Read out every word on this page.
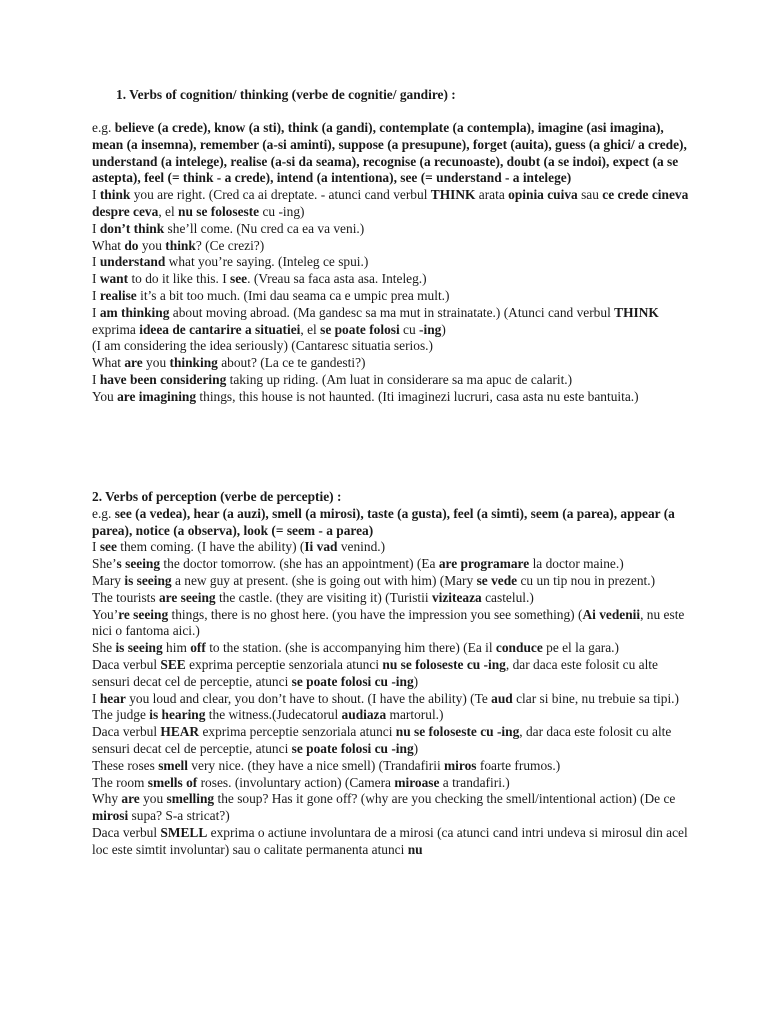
1. Verbs of cognition/ thinking (verbe de cognitie/ gandire) :
e.g. believe (a crede), know (a sti), think (a gandi), contemplate (a contempla), imagine (asi imagina), mean (a insemna), remember (a-si aminti), suppose (a presupune), forget (auita), guess (a ghici/ a crede), understand (a intelege), realise (a-si da seama), recognise (a recunoaste), doubt (a se indoi), expect (a se astepta), feel (= think - a crede), intend (a intentiona), see (= understand - a intelege)
I think you are right. (Cred ca ai dreptate. - atunci cand verbul THINK arata opinia cuiva sau ce crede cineva despre ceva, el nu se foloseste cu -ing)
I don’t think she’ll come. (Nu cred ca ea va veni.)
What do you think? (Ce crezi?)
I understand what you’re saying. (Inteleg ce spui.)
I want to do it like this. I see. (Vreau sa faca asta asa. Inteleg.)
I realise it’s a bit too much. (Imi dau seama ca e umpic prea mult.)
I am thinking about moving abroad. (Ma gandesc sa ma mut in strainatate.) (Atunci cand verbul THINK exprima ideea de cantarire a situatiei, el se poate folosi cu -ing)
(I am considering the idea seriously) (Cantaresc situatia serios.)
What are you thinking about? (La ce te gandesti?)
I have been considering taking up riding. (Am luat in considerare sa ma apuc de calarit.)
You are imagining things, this house is not haunted. (Iti imaginezi lucruri, casa asta nu este bantuita.)
2. Verbs of perception (verbe de perceptie) :
e.g. see (a vedea), hear (a auzi), smell (a mirosi), taste (a gusta), feel (a simti), seem (a parea), appear (a parea), notice (a observa), look (= seem - a parea)
I see them coming. (I have the ability) (Ii vad venind.)
She’s seeing the doctor tomorrow. (she has an appointment) (Ea are programare la doctor maine.)
Mary is seeing a new guy at present. (she is going out with him) (Mary se vede cu un tip nou in prezent.)
The tourists are seeing the castle. (they are visiting it) (Turistii viziteaza castelul.)
You’re seeing things, there is no ghost here. (you have the impression you see something) (Ai vedenii, nu este nici o fantoma aici.)
She is seeing him off to the station. (she is accompanying him there) (Ea il conduce pe el la gara.)
Daca verbul SEE exprima perceptie senzoriala atunci nu se foloseste cu -ing, dar daca este folosit cu alte sensuri decat cel de perceptie, atunci se poate folosi cu -ing)
I hear you loud and clear, you don’t have to shout. (I have the ability) (Te aud clar si bine, nu trebuie sa tipi.)
The judge is hearing the witness.(Judecatorul audiaza martorul.)
Daca verbul HEAR exprima perceptie senzoriala atunci nu se foloseste cu -ing, dar daca este folosit cu alte sensuri decat cel de perceptie, atunci se poate folosi cu -ing)
These roses smell very nice. (they have a nice smell) (Trandafirii miros foarte frumos.)
The room smells of roses. (involuntary action) (Camera miroase a trandafiri.)
Why are you smelling the soup? Has it gone off? (why are you checking the smell/intentional action) (De ce mirosi supa? S-a stricat?)
Daca verbul SMELL exprima o actiune involuntara de a mirosi (ca atunci cand intri undeva si mirosul din acel loc este simtit involuntar) sau o calitate permanenta atunci nu
